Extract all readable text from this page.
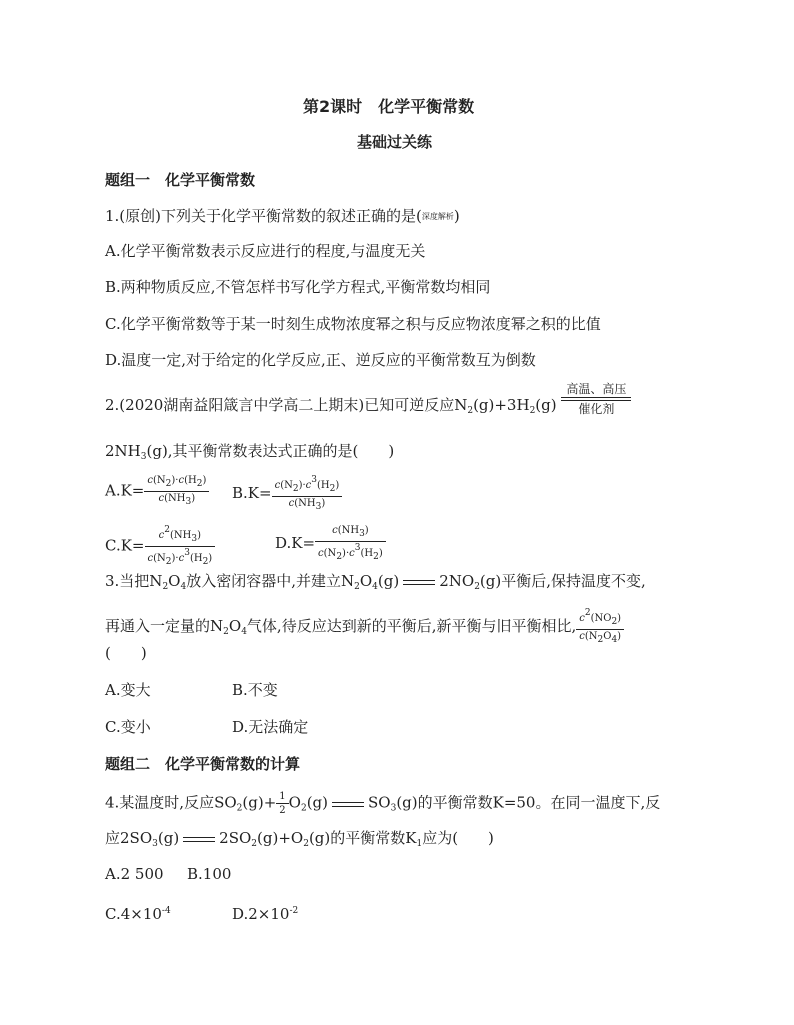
第2课时　化学平衡常数
基础过关练
题组一　化学平衡常数
1.(原创)下列关于化学平衡常数的叙述正确的是(深度解析)
A.化学平衡常数表示反应进行的程度,与温度无关
B.两种物质反应,不管怎样书写化学方程式,平衡常数均相同
C.化学平衡常数等于某一时刻生成物浓度幂之积与反应物浓度幂之积的比值
D.温度一定,对于给定的化学反应,正、逆反应的平衡常数互为倒数
2.(2020湖南益阳箴言中学高二上期末)已知可逆反应$N_2(g)+3H_2(g)$
高温、高压
催化剂
$2NH_3(g)$,其平衡常数表达式正确的是(　　)
$A.K= \frac{c(N_2)\cdot c(H_2)}{c(NH_3)} B.K= \frac{c(N_2)\cdot c^3(H_2)}{c(NH_3)}$
$C.K= \frac{c^2(NH_3)}{c(N_2)\cdot c^3(H_2)}$	$D.K= \frac{c(NH_3)}{c(N_2)\cdot c^3(H_2)}$
3.当把$N_2O_4$放入密闭容器中,并建立$N_2O_4(g)$	$2NO_2(g)$平衡后,保持温度不变,
再通入一定量的$N_2O_4$气体,待反应达到新的平衡后,新平衡与旧平衡相比, $\frac{c^2(NO_2)}{c(N_2O_4)}$
(　　)
A.变大	B.不变
C.变小	D.无法确定
题组二　化学平衡常数的计算
4.某温度时,反应$SO_2(g)+ \frac{1}{2} O_2(g)$	$SO_3(g)$的平衡常数K=50。在同一温度下,反
应$2SO_3(g)$	$2SO_2(g)+O_2(g)$的平衡常数$K_1$应为(　　)
A.2 500 B.100
$C.4\times 10^{-4}$	$D.2\times 10^{-2}$
